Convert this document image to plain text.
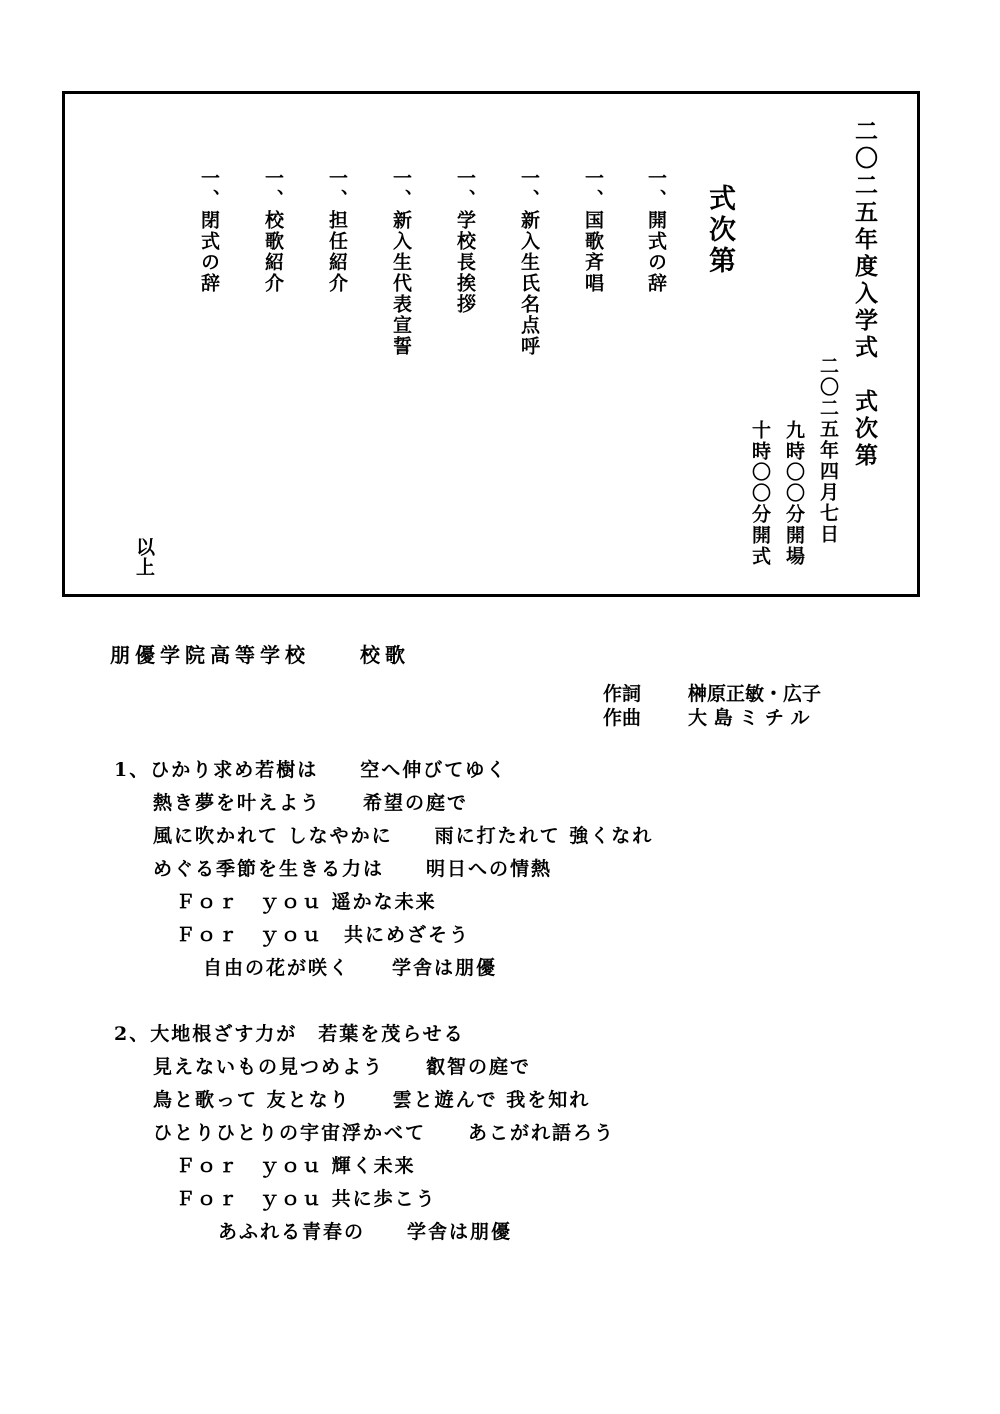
二〇二五年度入学式　式次第
二〇二五年四月七日
九時〇〇分開場
十時〇〇分開式
式次第
一、開式の辞
一、国歌斉唱
一、新入生氏名点呼
一、学校長挨拶
一、新入生代表宣誓
一、担任紹介
一、校歌紹介
一、閉式の辞
以上
朋優学院高等学校　　校歌
作詞 榊原正敏・広子
作曲 大 島 ミ チ ル
1、ひかり求め若樹は　　空へ伸びてゆく
熱き夢を叶えよう　　希望の庭で
風に吹かれて しなやかに　　雨に打たれて 強くなれ
めぐる季節を生きる力は　　明日への情熱
Ｆｏｒ　ｙｏｕ 遥かな未来
Ｆｏｒ　ｙｏｕ　共にめざそう
自由の花が咲く　　学舎は朋優
2、大地根ざす力が　若葉を茂らせる
見えないもの見つめよう　　叡智の庭で
鳥と歌って 友となり　　雲と遊んで 我を知れ
ひとりひとりの宇宙浮かべて　　あこがれ語ろう
Ｆｏｒ　ｙｏｕ 輝く未来
Ｆｏｒ　ｙｏｕ 共に歩こう
あふれる青春の　　学舎は朋優
